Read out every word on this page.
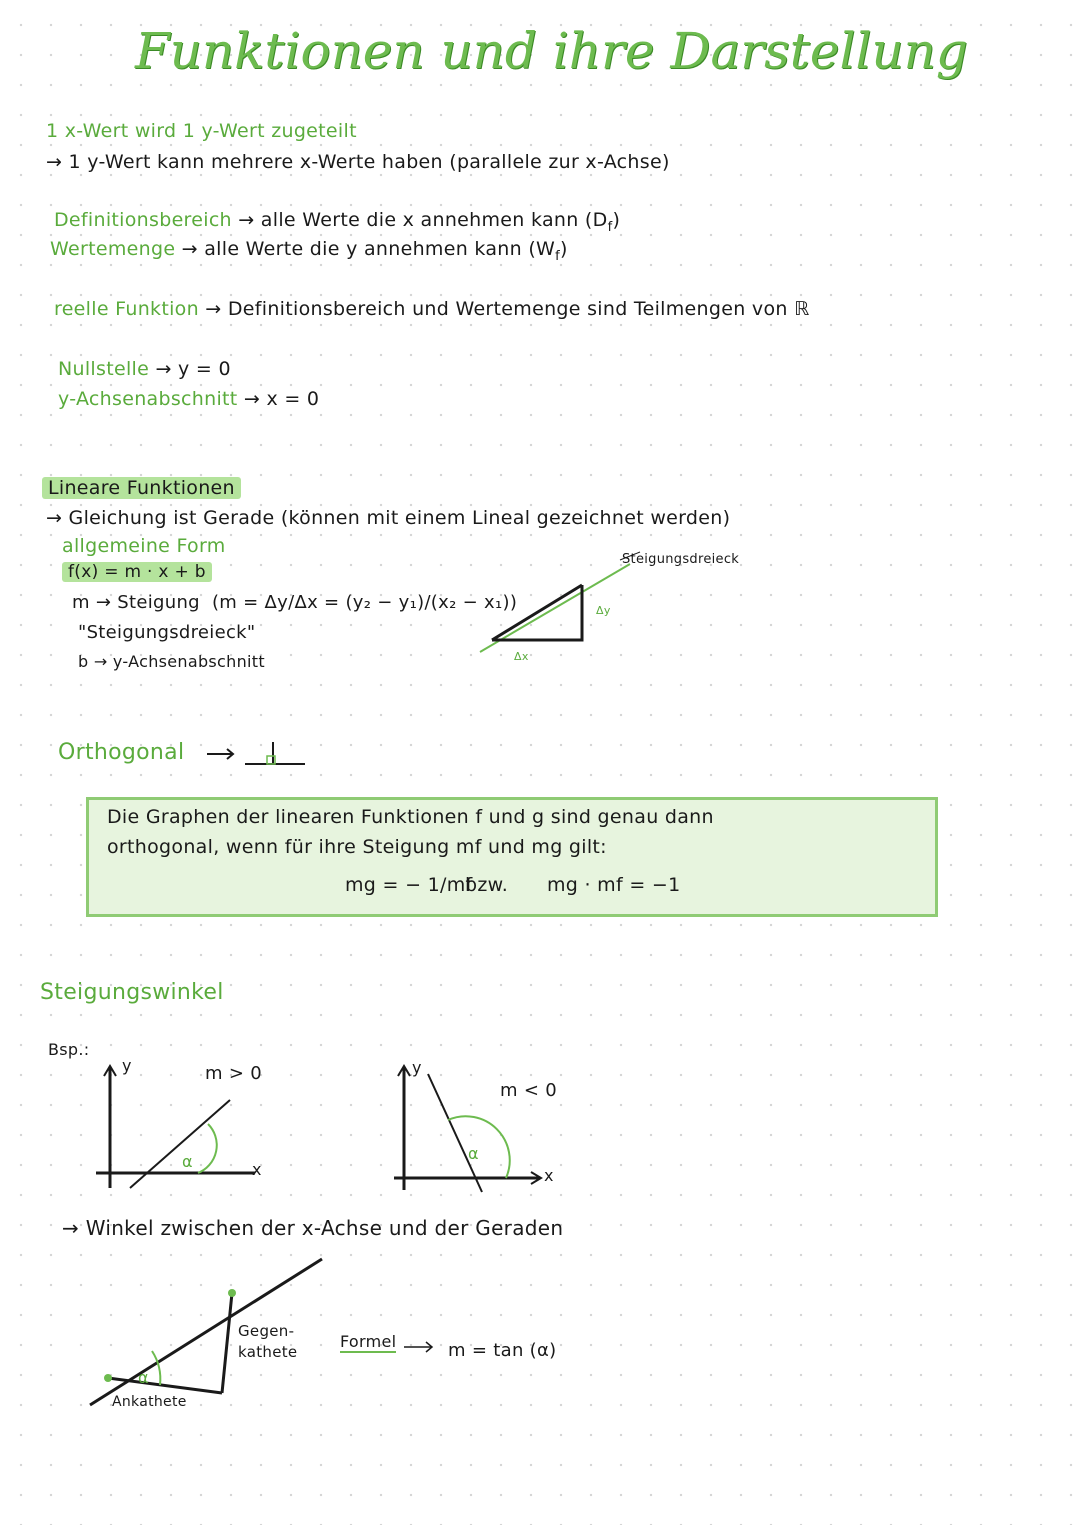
Funktionen und ihre Darstellung
1 x-Wert wird 1 y-Wert zugeteilt
→ 1 y-Wert kann mehrere x-Werte haben (parallele zur x-Achse)
Definitionsbereich → alle Werte die x annehmen kann $(D_f)$
Wertemenge → alle Werte die y annehmen kann $(W_f)$
reelle Funktion → Definitionsbereich und Wertemenge sind Teilmengen von ℝ
Nullstelle → y = 0
y-Achsenabschnitt → x = 0
Lineare Funktionen
→ Gleichung ist Gerade (können mit einem Lineal gezeichnet werden)
allgemeine Form
f(x) = m · x + b
m → Steigung (m = Δy/Δx = (y₂ − y₁)/(x₂ − x₁))
"Steigungsdreieck"
b → y-Achsenabschnitt
Steigungsdreieck
Δy
Δx
Orthogonal
Die Graphen der linearen Funktionen f und g sind genau dann
orthogonal, wenn für ihre Steigung mf und mg gilt:
mg = − 1/mf
bzw. mg · mf = −1
Steigungswinkel
Bsp.:
y
x
m > 0
α
y
x
m < 0
α
→ Winkel zwischen der x-Achse und der Geraden
α
Gegen-
kathete
Ankathete
Formel	m = tan (α)
